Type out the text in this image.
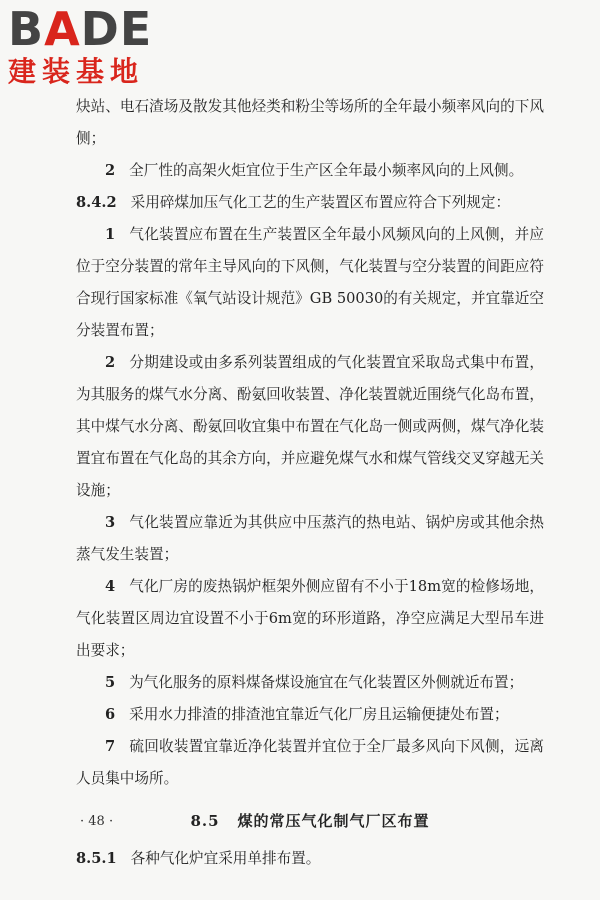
BADE
建装基地

炔站、电石渣场及散发其他烃类和粉尘等场所的全年最小频率风向的下风侧；

2 全厂性的高架火炬宜位于生产区全年最小频率风向的上风侧。

8.4.2 采用碎煤加压气化工艺的生产装置区布置应符合下列规定：

1 气化装置应布置在生产装置区全年最小风频风向的上风侧，并应位于空分装置的常年主导风向的下风侧，气化装置与空分装置的间距应符合现行国家标准《氧气站设计规范》GB 50030的有关规定，并宜靠近空分装置布置；

2 分期建设或由多系列装置组成的气化装置宜采取岛式集中布置，为其服务的煤气水分离、酚氨回收装置、净化装置就近围绕气化岛布置，其中煤气水分离、酚氨回收宜集中布置在气化岛一侧或两侧，煤气净化装置宜布置在气化岛的其余方向，并应避免煤气水和煤气管线交叉穿越无关设施；

3 气化装置应靠近为其供应中压蒸汽的热电站、锅炉房或其他余热蒸气发生装置；

4 气化厂房的废热锅炉框架外侧应留有不小于18m宽的检修场地，气化装置区周边宜设置不小于6m宽的环形道路，净空应满足大型吊车进出要求；

5 为气化服务的原料煤备煤设施宜在气化装置区外侧就近布置；

6 采用水力排渣的排渣池宜靠近气化厂房且运输便捷处布置；

7 硫回收装置宜靠近净化装置并宜位于全厂最多风向下风侧，远离人员集中场所。

8.5 煤的常压气化制气厂区布置

8.5.1 各种气化炉宜采用单排布置。

· 48 ·
